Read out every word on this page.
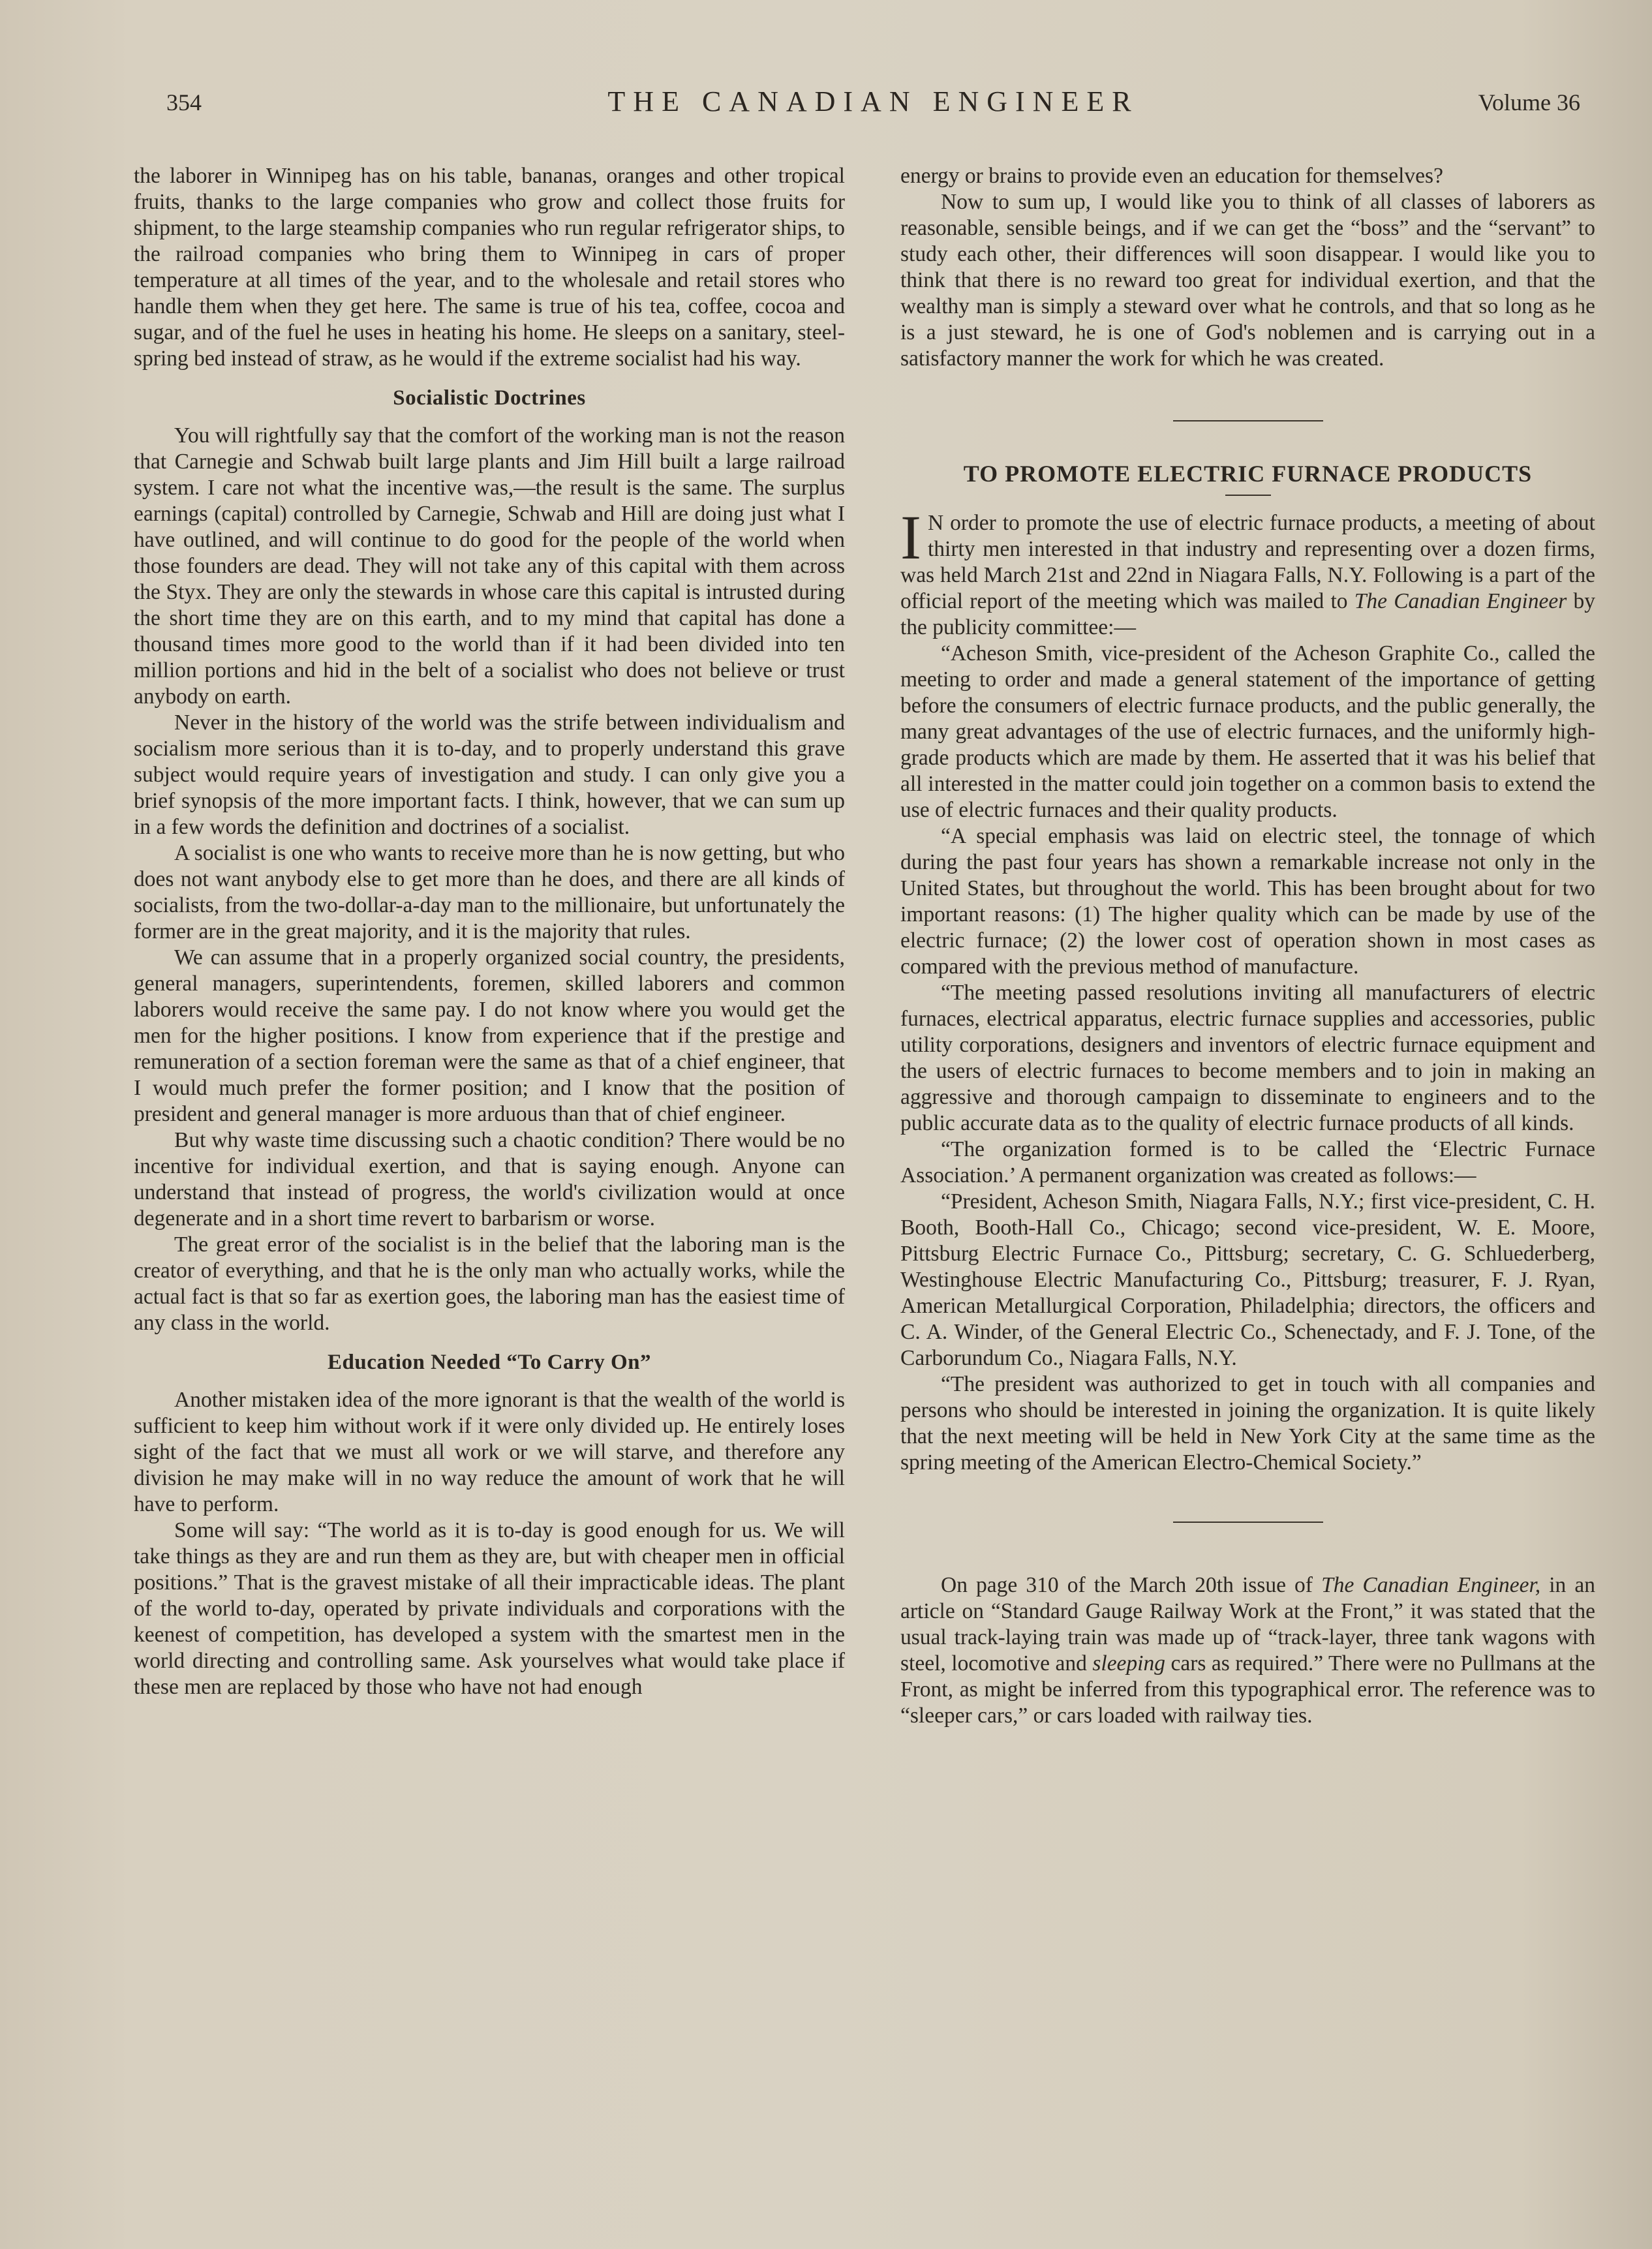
354	THE CANADIAN ENGINEER	Volume 36

the laborer in Winnipeg has on his table, bananas, oranges and other tropical fruits, thanks to the large companies who grow and collect those fruits for shipment, to the large steamship companies who run regular refrigerator ships, to the railroad companies who bring them to Winnipeg in cars of proper temperature at all times of the year, and to the wholesale and retail stores who handle them when they get here. The same is true of his tea, coffee, cocoa and sugar, and of the fuel he uses in heating his home. He sleeps on a sanitary, steel-spring bed instead of straw, as he would if the extreme socialist had his way.

Socialistic Doctrines

You will rightfully say that the comfort of the working man is not the reason that Carnegie and Schwab built large plants and Jim Hill built a large railroad system. I care not what the incentive was,—the result is the same. The surplus earnings (capital) controlled by Carnegie, Schwab and Hill are doing just what I have outlined, and will continue to do good for the people of the world when those founders are dead. They will not take any of this capital with them across the Styx. They are only the stewards in whose care this capital is intrusted during the short time they are on this earth, and to my mind that capital has done a thousand times more good to the world than if it had been divided into ten million portions and hid in the belt of a socialist who does not believe or trust anybody on earth.

Never in the history of the world was the strife between individualism and socialism more serious than it is to-day, and to properly understand this grave subject would require years of investigation and study. I can only give you a brief synopsis of the more important facts. I think, however, that we can sum up in a few words the definition and doctrines of a socialist.

A socialist is one who wants to receive more than he is now getting, but who does not want anybody else to get more than he does, and there are all kinds of socialists, from the two-dollar-a-day man to the millionaire, but unfortunately the former are in the great majority, and it is the majority that rules.

We can assume that in a properly organized social country, the presidents, general managers, superintendents, foremen, skilled laborers and common laborers would receive the same pay. I do not know where you would get the men for the higher positions. I know from experience that if the prestige and remuneration of a section foreman were the same as that of a chief engineer, that I would much prefer the former position; and I know that the position of president and general manager is more arduous than that of chief engineer.

But why waste time discussing such a chaotic condition? There would be no incentive for individual exertion, and that is saying enough. Anyone can understand that instead of progress, the world's civilization would at once degenerate and in a short time revert to barbarism or worse.

The great error of the socialist is in the belief that the laboring man is the creator of everything, and that he is the only man who actually works, while the actual fact is that so far as exertion goes, the laboring man has the easiest time of any class in the world.

Education Needed “To Carry On”

Another mistaken idea of the more ignorant is that the wealth of the world is sufficient to keep him without work if it were only divided up. He entirely loses sight of the fact that we must all work or we will starve, and therefore any division he may make will in no way reduce the amount of work that he will have to perform.

Some will say: “The world as it is to-day is good enough for us. We will take things as they are and run them as they are, but with cheaper men in official positions.” That is the gravest mistake of all their impracticable ideas. The plant of the world to-day, operated by private individuals and corporations with the keenest of competition, has developed a system with the smartest men in the world directing and controlling same. Ask yourselves what would take place if these men are replaced by those who have not had enough

energy or brains to provide even an education for themselves?

Now to sum up, I would like you to think of all classes of laborers as reasonable, sensible beings, and if we can get the “boss” and the “servant” to study each other, their differences will soon disappear. I would like you to think that there is no reward too great for individual exertion, and that the wealthy man is simply a steward over what he controls, and that so long as he is a just steward, he is one of God's noblemen and is carrying out in a satisfactory manner the work for which he was created.

TO PROMOTE ELECTRIC FURNACE PRODUCTS

I N order to promote the use of electric furnace products, a meeting of about thirty men interested in that industry and representing over a dozen firms, was held March 21st and 22nd in Niagara Falls, N.Y. Following is a part of the official report of the meeting which was mailed to The Canadian Engineer by the publicity committee:—

“Acheson Smith, vice-president of the Acheson Graphite Co., called the meeting to order and made a general statement of the importance of getting before the consumers of electric furnace products, and the public generally, the many great advantages of the use of electric furnaces, and the uniformly high-grade products which are made by them. He asserted that it was his belief that all interested in the matter could join together on a common basis to extend the use of electric furnaces and their quality products.

“A special emphasis was laid on electric steel, the tonnage of which during the past four years has shown a remarkable increase not only in the United States, but throughout the world. This has been brought about for two important reasons: (1) The higher quality which can be made by use of the electric furnace; (2) the lower cost of operation shown in most cases as compared with the previous method of manufacture.

“The meeting passed resolutions inviting all manufacturers of electric furnaces, electrical apparatus, electric furnace supplies and accessories, public utility corporations, designers and inventors of electric furnace equipment and the users of electric furnaces to become members and to join in making an aggressive and thorough campaign to disseminate to engineers and to the public accurate data as to the quality of electric furnace products of all kinds.

“The organization formed is to be called the ‘Electric Furnace Association.’ A permanent organization was created as follows:—

“President, Acheson Smith, Niagara Falls, N.Y.; first vice-president, C. H. Booth, Booth-Hall Co., Chicago; second vice-president, W. E. Moore, Pittsburg Electric Furnace Co., Pittsburg; secretary, C. G. Schluederberg, Westinghouse Electric Manufacturing Co., Pittsburg; treasurer, F. J. Ryan, American Metallurgical Corporation, Philadelphia; directors, the officers and C. A. Winder, of the General Electric Co., Schenectady, and F. J. Tone, of the Carborundum Co., Niagara Falls, N.Y.

“The president was authorized to get in touch with all companies and persons who should be interested in joining the organization. It is quite likely that the next meeting will be held in New York City at the same time as the spring meeting of the American Electro-Chemical Society.”

On page 310 of the March 20th issue of The Canadian Engineer, in an article on “Standard Gauge Railway Work at the Front,” it was stated that the usual track-laying train was made up of “track-layer, three tank wagons with steel, locomotive and sleeping cars as required.” There were no Pullmans at the Front, as might be inferred from this typographical error. The reference was to “sleeper cars,” or cars loaded with railway ties.
